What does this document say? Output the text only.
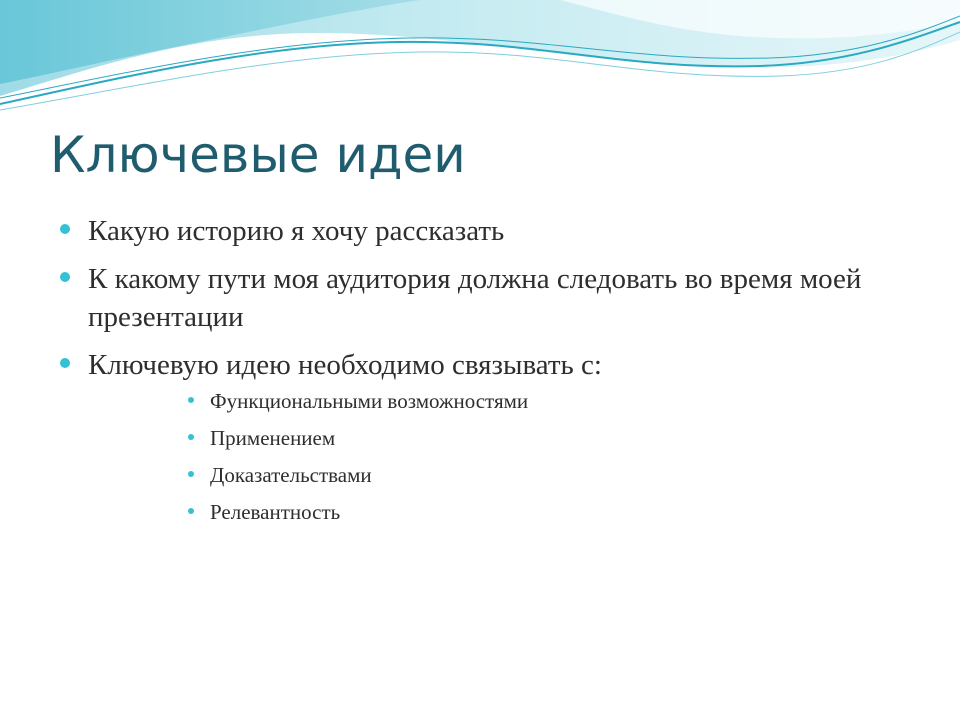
Ключевые идеи
Какую историю я хочу рассказать
К какому пути моя аудитория должна следовать во время моей презентации
Ключевую идею необходимо связывать с:
Функциональными возможностями
Применением
Доказательствами
Релевантность
